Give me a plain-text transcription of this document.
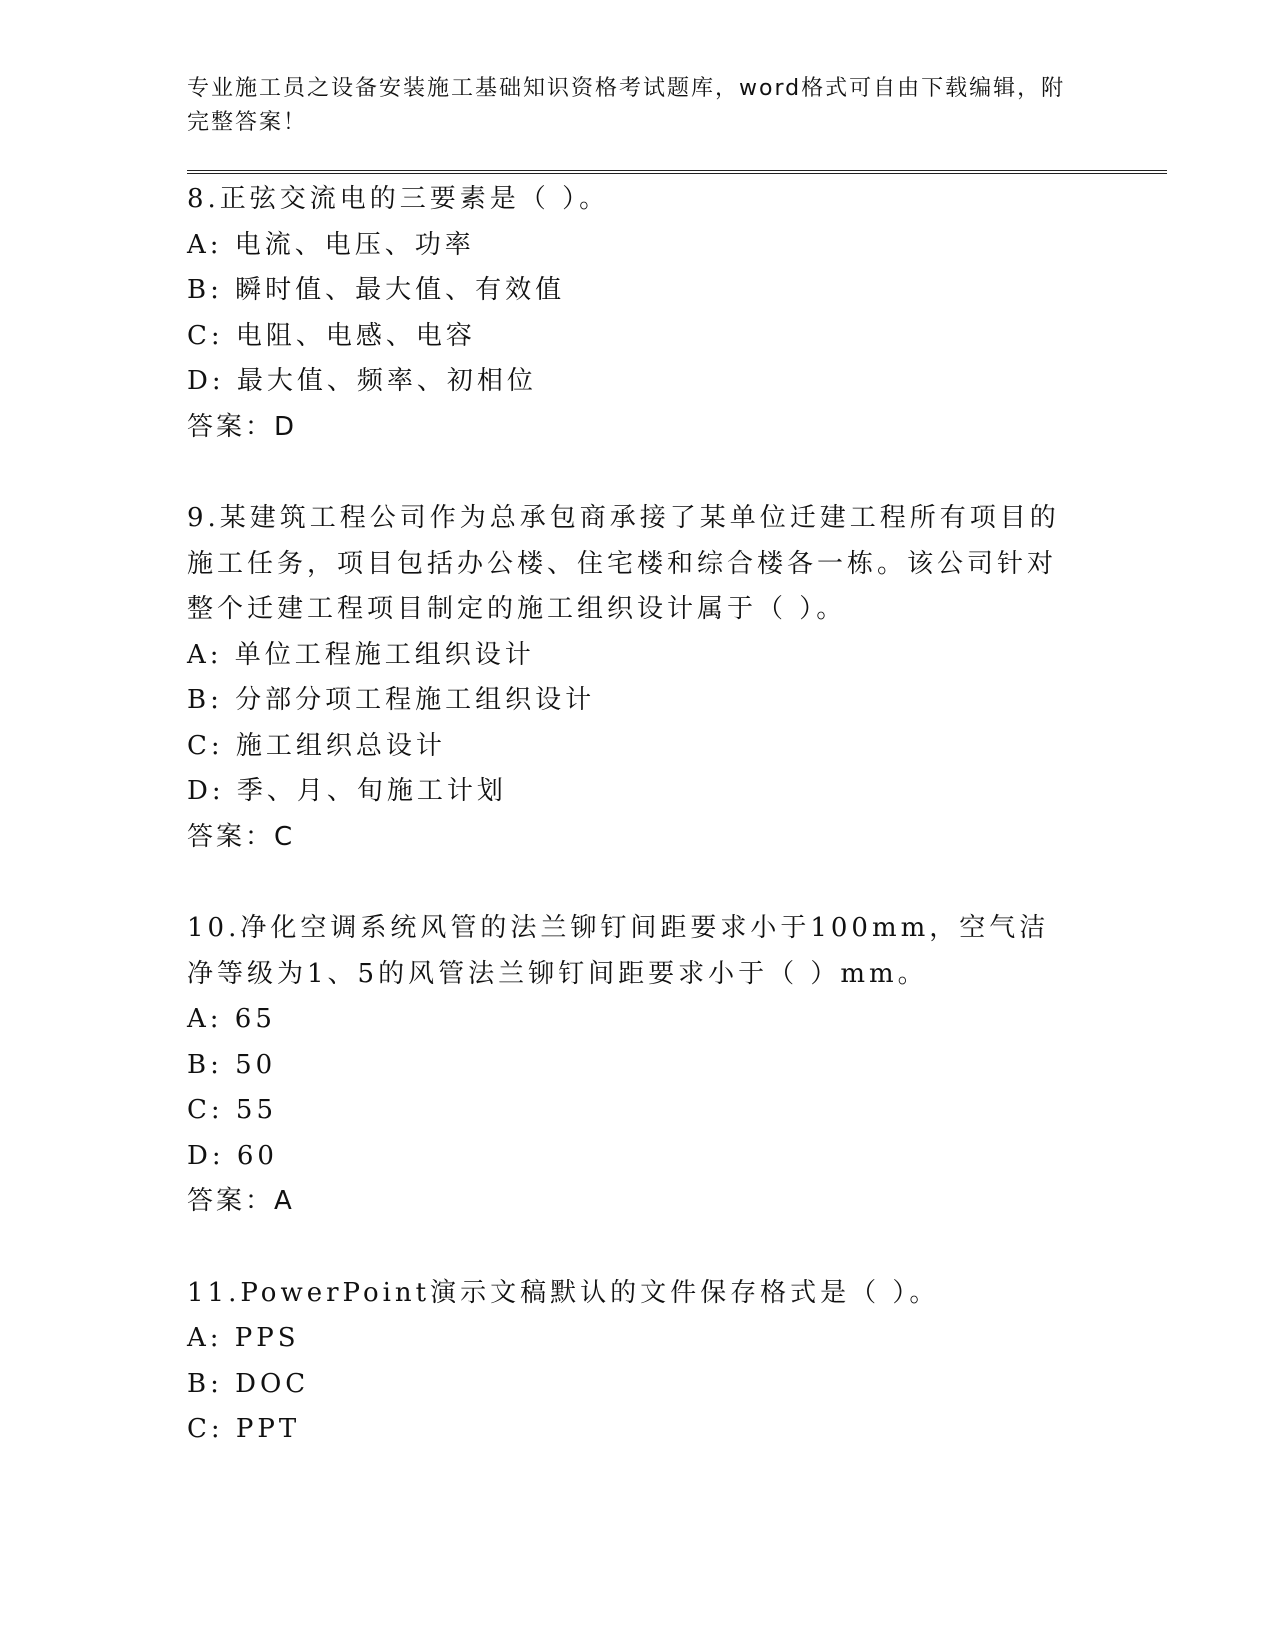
专业施工员之设备安装施工基础知识资格考试题库，word格式可自由下载编辑，附完整答案！
8.正弦交流电的三要素是（ ）。
A: 电流、电压、功率
B: 瞬时值、最大值、有效值
C: 电阻、电感、电容
D: 最大值、频率、初相位
答案：D
9.某建筑工程公司作为总承包商承接了某单位迁建工程所有项目的施工任务，项目包括办公楼、住宅楼和综合楼各一栋。该公司针对整个迁建工程项目制定的施工组织设计属于（ ）。
A: 单位工程施工组织设计
B: 分部分项工程施工组织设计
C: 施工组织总设计
D: 季、月、旬施工计划
答案：C
10.净化空调系统风管的法兰铆钉间距要求小于100mm，空气洁净等级为1、5的风管法兰铆钉间距要求小于（ ）mm。
A: 65
B: 50
C: 55
D: 60
答案：A
11.PowerPoint演示文稿默认的文件保存格式是（ ）。
A: PPS
B: DOC
C: PPT
